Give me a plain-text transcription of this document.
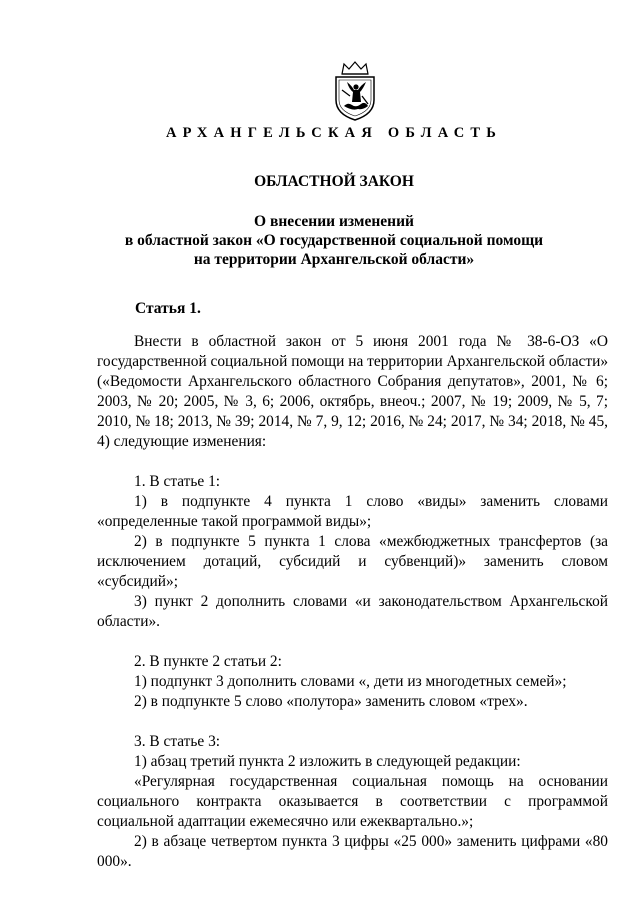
АРХАНГЕЛЬСКАЯ ОБЛАСТЬ
ОБЛАСТНОЙ ЗАКОН
О внесении изменений
в областной закон «О государственной социальной помощи
на территории Архангельской области»
Статья 1.

Внести в областной закон от 5 июня 2001 года № 38-6-ОЗ «О государственной социальной помощи на территории Архангельской области» («Ведомости Архангельского областного Собрания депутатов», 2001, № 6; 2003, № 20; 2005, № 3, 6; 2006, октябрь, внеоч.; 2007, № 19; 2009, № 5, 7; 2010, № 18; 2013, № 39; 2014, № 7, 9, 12; 2016, № 24; 2017, № 34; 2018, № 45, 4) следующие изменения:

1. В статье 1:

1) в подпункте 4 пункта 1 слово «виды» заменить словами «определенные такой программой виды»;

2) в подпункте 5 пункта 1 слова «межбюджетных трансфертов (за исключением дотаций, субсидий и субвенций)» заменить словом «субсидий»;

3) пункт 2 дополнить словами «и законодательством Архангельской области».

2. В пункте 2 статьи 2:

1) подпункт 3 дополнить словами «, дети из многодетных семей»;

2) в подпункте 5 слово «полутора» заменить словом «трех».

3. В статье 3:

1) абзац третий пункта 2 изложить в следующей редакции:

«Регулярная государственная социальная помощь на основании социального контракта оказывается в соответствии с программой социальной адаптации ежемесячно или ежеквартально.»;

2) в абзаце четвертом пункта 3 цифры «25 000» заменить цифрами «80 000».
